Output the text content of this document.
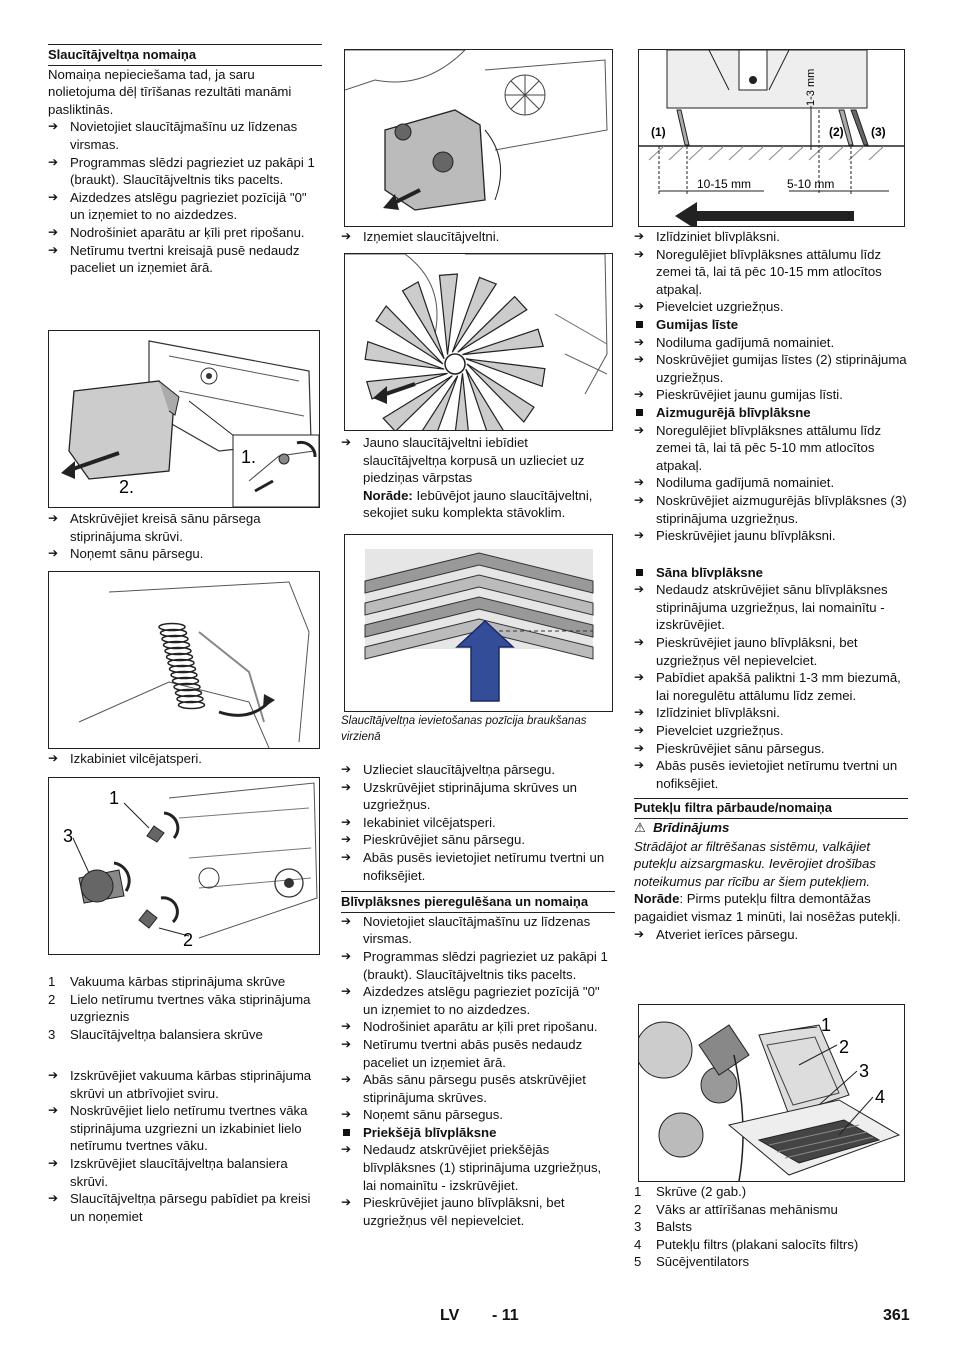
Slaucītājveltņa nomaiņa

Nomaiņa nepieciešama tad, ja saru nolietojuma dēļ tīrīšanas rezultāti manāmi pasliktinās.

➔ Novietojiet slaucītājmašīnu uz līdzenas virsmas.

➔ Programmas slēdzi pagrieziet uz pakāpi 1 (braukt). Slaucītājveltnis tiks pacelts.

➔ Aizdedzes atslēgu pagrieziet pozīcijā "0" un izņemiet to no aizdedzes.

➔ Nodrošiniet aparātu ar ķīli pret ripošanu.

➔ Netīrumu tvertni kreisajā pusē nedaudz paceliet un izņemiet ārā.

1.
2.

➔ Atskrūvējiet kreisā sānu pārsega stiprinājuma skrūvi.

➔ Noņemt sānu pārsegu.

➔ Izkabiniet vilcējatsperi.

1
3
2

1 Vakuuma kārbas stiprinājuma skrūve

2 Lielo netīrumu tvertnes vāka stiprinājuma uzgrieznis

3 Slaucītājveltņa balansiera skrūve

➔ Izskrūvējiet vakuuma kārbas stiprinājuma skrūvi un atbrīvojiet sviru.

➔ Noskrūvējiet lielo netīrumu tvertnes vāka stiprinājuma uzgriezni un izkabiniet lielo netīrumu tvertnes vāku.

➔ Izskrūvējiet slaucītājveltņa balansiera skrūvi.

➔ Slaucītājveltņa pārsegu pabīdiet pa kreisi un noņemiet

➔ Izņemiet slaucītājveltni.

➔ Jauno slaucītājveltni iebīdiet slaucītājveltņa korpusā un uzlieciet uz piedziņas vārpstas

Norāde: Iebūvējot jauno slaucītājveltni, sekojiet suku komplekta stāvoklim.

Slaucītājveltņa ievietošanas pozīcija braukšanas virzienā

➔ Uzlieciet slaucītājveltņa pārsegu.

➔ Uzskrūvējiet stiprinājuma skrūves un uzgriežņus.

➔ Iekabiniet vilcējatsperi.

➔ Pieskrūvējiet sānu pārsegu.

➔ Abās pusēs ievietojiet netīrumu tvertni un nofiksējiet.

Blīvplāksnes pieregulēšana un nomaiņa

➔ Novietojiet slaucītājmašīnu uz līdzenas virsmas.

➔ Programmas slēdzi pagrieziet uz pakāpi 1 (braukt). Slaucītājveltnis tiks pacelts.

➔ Aizdedzes atslēgu pagrieziet pozīcijā "0" un izņemiet to no aizdedzes.

➔ Nodrošiniet aparātu ar ķīli pret ripošanu.

➔ Netīrumu tvertni abās pusēs nedaudz paceliet un izņemiet ārā.

➔ Abās sānu pārsegu pusēs atskrūvējiet stiprinājuma skrūves.

➔ Noņemt sānu pārsegus.

Priekšējā blīvplāksne

➔ Nedaudz atskrūvējiet priekšējās blīvplāksnes (1) stiprinājuma uzgriežņus, lai nomainītu - izskrūvējiet.

➔ Pieskrūvējiet jauno blīvplāksni, bet uzgriežņus vēl nepievelciet.

1-3 mm
(1)	(2) (3)
10-15 mm	5-10 mm

➔ Izlīdziniet blīvplāksni.

➔ Noregulējiet blīvplāksnes attālumu līdz zemei tā, lai tā pēc 10-15 mm atlocītos atpakaļ.

➔ Pievelciet uzgriežņus.

Gumijas līste

➔ Nodiluma gadījumā nomainiet.

➔ Noskrūvējiet gumijas līstes (2) stiprinājuma uzgriežņus.

➔ Pieskrūvējiet jaunu gumijas līsti.

Aizmugurējā blīvplāksne

➔ Noregulējiet blīvplāksnes attālumu līdz zemei tā, lai tā pēc 5-10 mm atlocītos atpakaļ.

➔ Nodiluma gadījumā nomainiet.

➔ Noskrūvējiet aizmugurējās blīvplāksnes (3) stiprinājuma uzgriežņus.

➔ Pieskrūvējiet jaunu blīvplāksni.

Sāna blīvplāksne

➔ Nedaudz atskrūvējiet sānu blīvplāksnes stiprinājuma uzgriežņus, lai nomainītu - izskrūvējiet.

➔ Pieskrūvējiet jauno blīvplāksni, bet uzgriežņus vēl nepievelciet.

➔ Pabīdiet apakšā paliktni 1-3 mm biezumā, lai noregulētu attālumu līdz zemei.

➔ Izlīdziniet blīvplāksni.

➔ Pievelciet uzgriežņus.

➔ Pieskrūvējiet sānu pārsegus.

➔ Abās pusēs ievietojiet netīrumu tvertni un nofiksējiet.

Putekļu filtra pārbaude/nomaiņa

⚠ Brīdinājums

Strādājot ar filtrēšanas sistēmu, valkājiet putekļu aizsargmasku. Ievērojiet drošības noteikumus par rīcību ar šiem putekļiem.

Norāde: Pirms putekļu filtra demontāžas pagaidiet vismaz 1 minūti, lai nosēžas putekļi.

➔ Atveriet ierīces pārsegu.

1
2
3
4

1 Skrūve (2 gab.)

2 Vāks ar attīrīšanas mehānismu

3 Balsts

4 Putekļu filtrs (plakani salocīts filtrs)

5 Sūcējventilators

LV - 11	361
